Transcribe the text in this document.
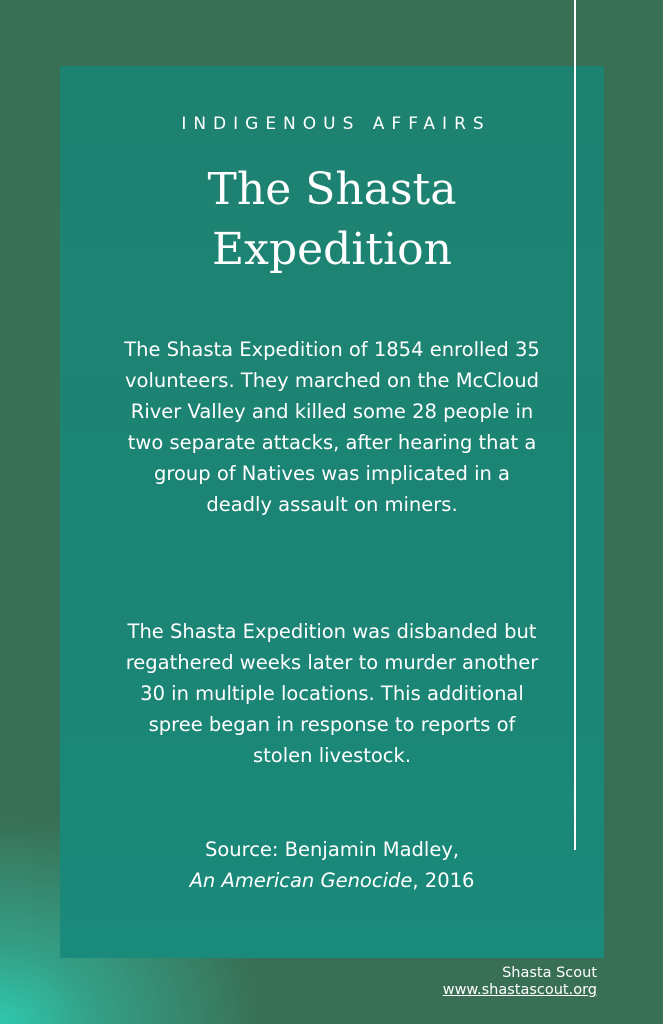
INDIGENOUS AFFAIRS
The Shasta
Expedition

The Shasta Expedition of 1854 enrolled 35 volunteers. They marched on the McCloud River Valley and killed some 28 people in two separate attacks, after hearing that a group of Natives was implicated in a deadly assault on miners.

The Shasta Expedition was disbanded but regathered weeks later to murder another 30 in multiple locations. This additional spree began in response to reports of stolen livestock.

Source: Benjamin Madley,
An American Genocide, 2016

Shasta Scout
www.shastascout.org
